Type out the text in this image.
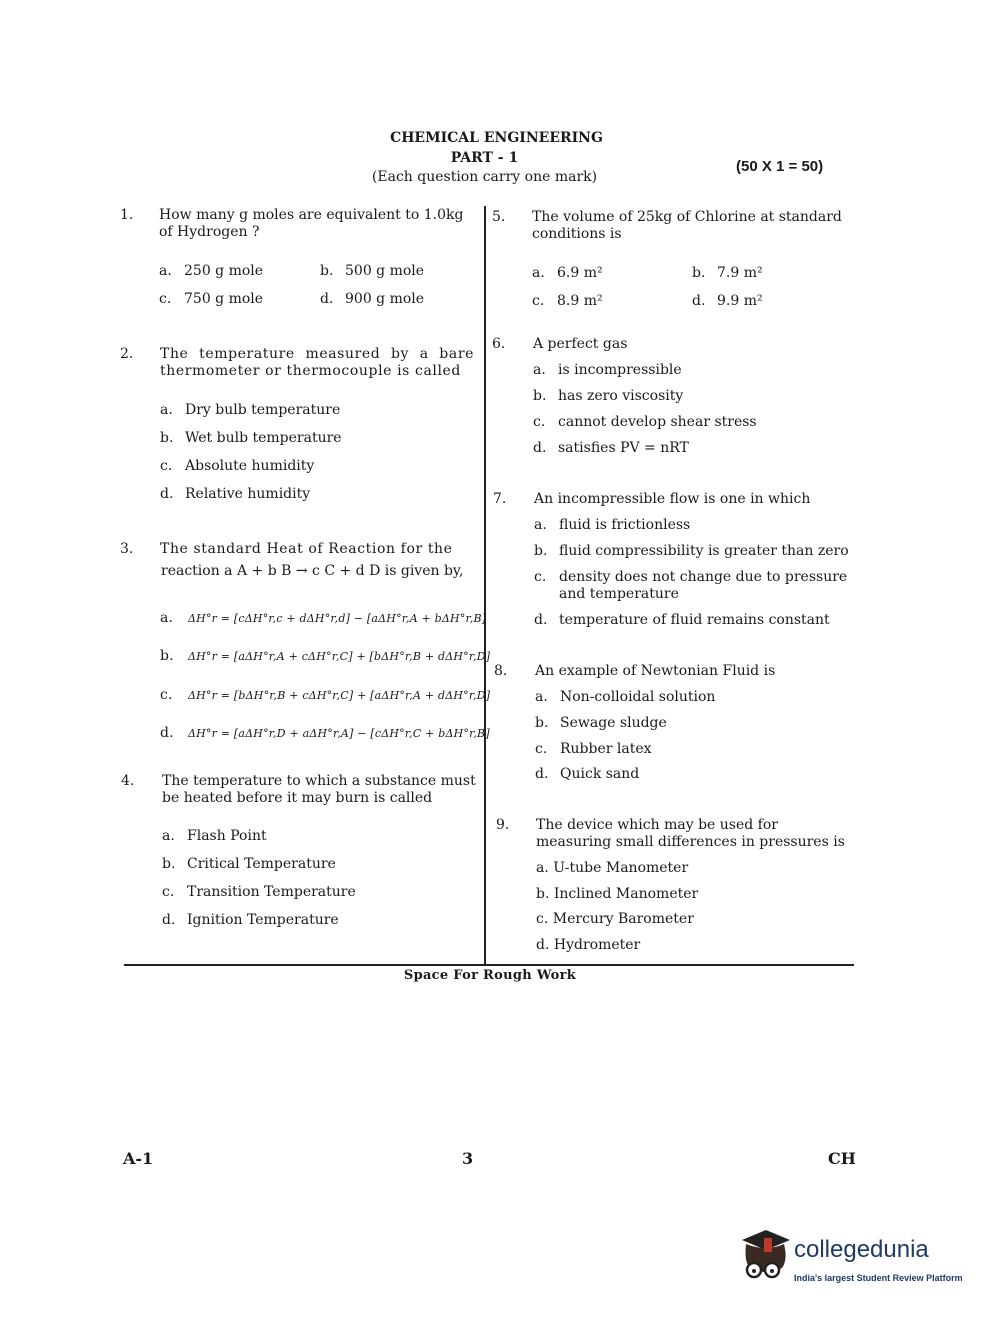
CHEMICAL ENGINEERING
PART - 1
(Each question carry one mark)
(50 X 1 = 50)
1. How many g moles are equivalent to 1.0kg of Hydrogen ?
a. 250 g mole	b. 500 g mole
c. 750 g mole	d. 900 g mole
2. The temperature measured by a bare thermometer or thermocouple is called
a. Dry bulb temperature
b. Wet bulb temperature
c. Absolute humidity
d. Relative humidity
3. The standard Heat of Reaction for the
reaction a A + b B → c C + d D is given by,
a. ΔH°r = [cΔH°r,c + dΔH°r,d] − [aΔH°r,A + bΔH°r,B]
b. ΔH°r = [aΔH°r,A + cΔH°r,C] + [bΔH°r,B + dΔH°r,D]
c. ΔH°r = [bΔH°r,B + cΔH°r,C] + [aΔH°r,A + dΔH°r,D]
d. ΔH°r = [aΔH°r,D + aΔH°r,A] − [cΔH°r,C + bΔH°r,B]
4. The temperature to which a substance must be heated before it may burn is called
a. Flash Point
b. Critical Temperature
c. Transition Temperature
d. Ignition Temperature
5. The volume of 25kg of Chlorine at standard conditions is
a. 6.9 m²	b. 7.9 m²
c. 8.9 m²	d. 9.9 m²
6. A perfect gas
a. is incompressible
b. has zero viscosity
c. cannot develop shear stress
d. satisfies PV = nRT
7. An incompressible flow is one in which
a. fluid is frictionless
b. fluid compressibility is greater than zero
c. density does not change due to pressure
and temperature
d. temperature of fluid remains constant
8. An example of Newtonian Fluid is
a. Non-colloidal solution
b. Sewage sludge
c. Rubber latex
d. Quick sand
9. The device which may be used for measuring small differences in pressures is
a. U-tube Manometer
b. Inclined Manometer
c. Mercury Barometer
d. Hydrometer
Space For Rough Work
A-1	3	CH
collegedunia
India's largest Student Review Platform
